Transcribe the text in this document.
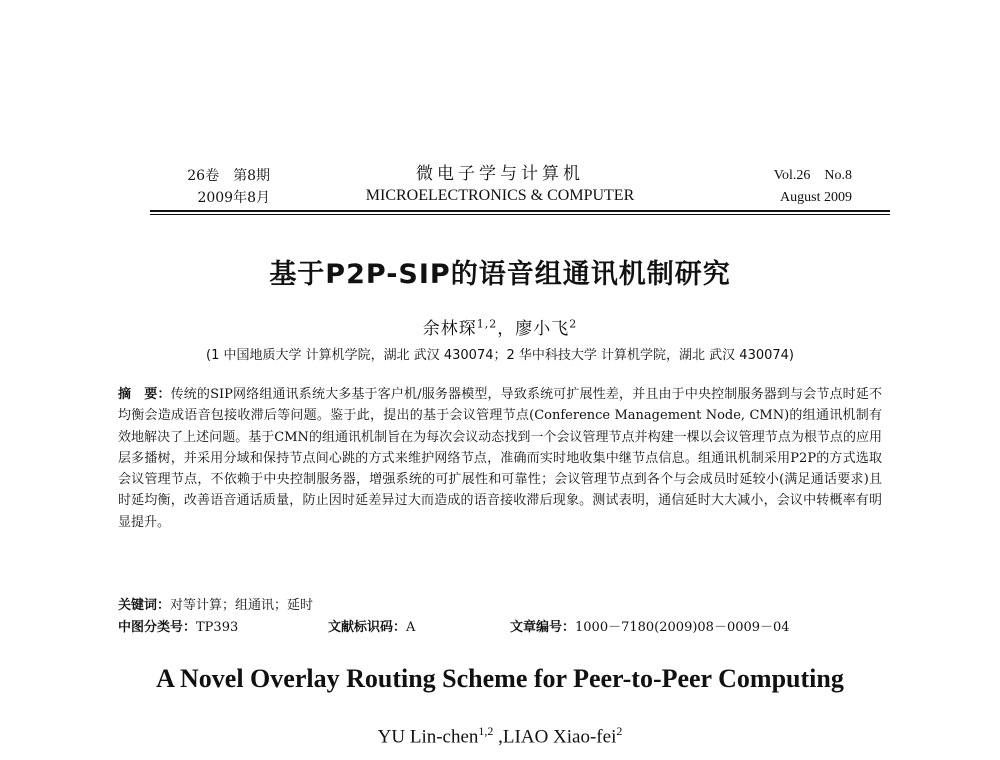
26卷　第8期
2009年8月
微电子学与计算机
MICROELECTRONICS & COMPUTER
Vol.26　No.8
August 2009
基于P2P-SIP的语音组通讯机制研究
余林琛$^{1,2}$，廖小飞$^2$
(1 中国地质大学 计算机学院，湖北 武汉 430074；2 华中科技大学 计算机学院，湖北 武汉 430074)
摘　要：传统的SIP网络组通讯系统大多基于客户机/服务器模型，导致系统可扩展性差，并且由于中央控制服务器到与会节点时延不均衡会造成语音包接收滞后等问题。鉴于此，提出的基于会议管理节点(Conference Management Node, CMN)的组通讯机制有效地解决了上述问题。基于CMN的组通讯机制旨在为每次会议动态找到一个会议管理节点并构建一棵以会议管理节点为根节点的应用层多播树，并采用分域和保持节点间心跳的方式来维护网络节点，准确而实时地收集中继节点信息。组通讯机制采用P2P的方式选取会议管理节点，不依赖于中央控制服务器，增强系统的可扩展性和可靠性；会议管理节点到各个与会成员时延较小(满足通话要求)且时延均衡，改善语音通话质量，防止因时延差异过大而造成的语音接收滞后现象。测试表明，通信延时大大减小，会议中转概率有明显提升。
关键词：对等计算；组通讯；延时
中图分类号：TP393	文献标识码：A	文章编号：1000－7180(2009)08－0009－04
A Novel Overlay Routing Scheme for Peer-to-Peer Computing
YU Lin-chen$^{1,2}$ ,LIAO Xiao-fei$^2$
